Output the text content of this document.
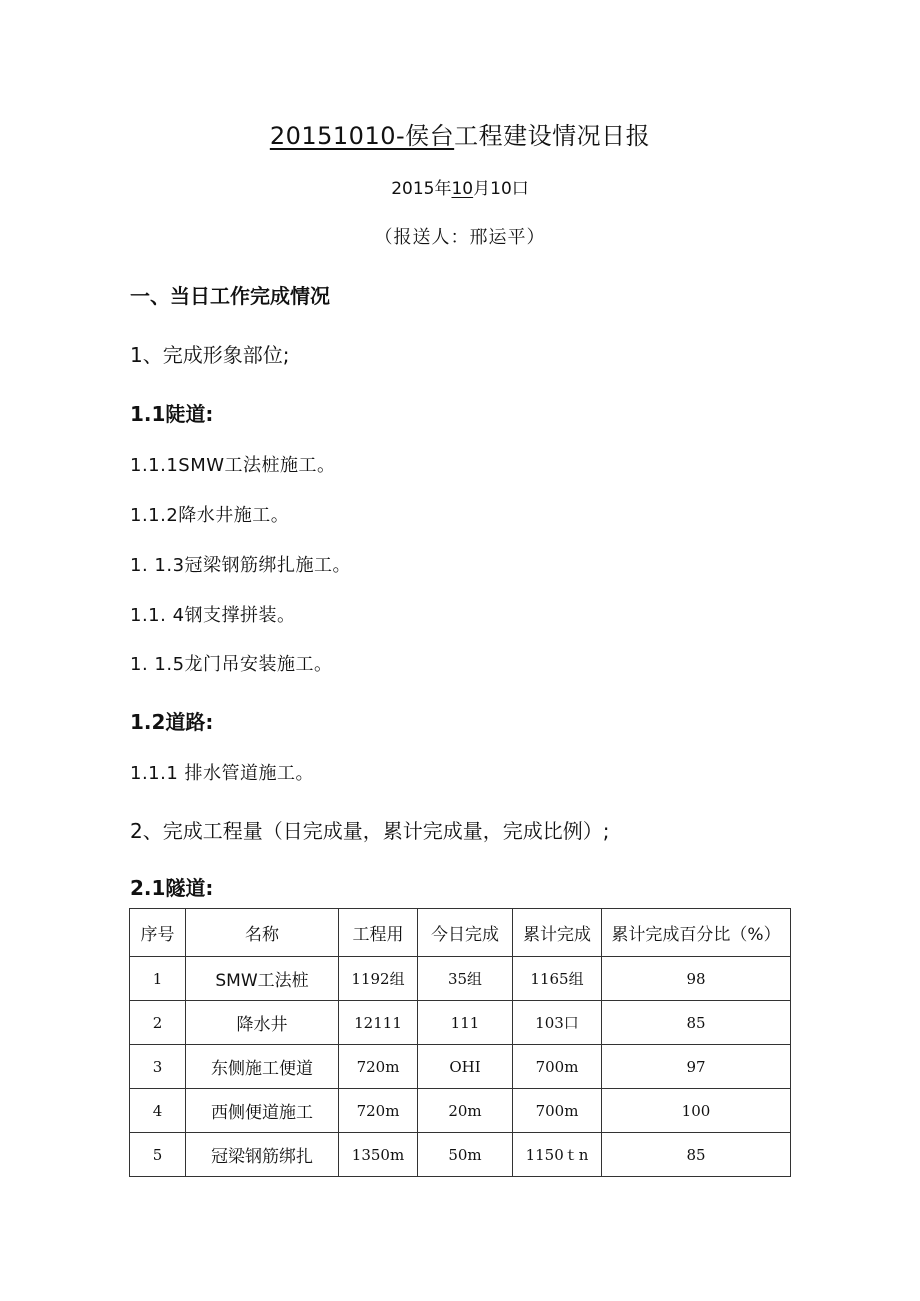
20151010-侯台工程建设情况日报
2015年10月10口
（报送人：邢运平）
一、当日工作完成情况
1、完成形象部位;
1.1陡道:
1.1.1SMW工法桩施工。
1.1.2降水井施工。
1. 1.3冠梁钢筋绑扎施工。
1.1. 4钢支撑拼装。
1. 1.5龙门吊安装施工。
1.2道路:
1.1.1 排水管道施工。
2、完成工程量（日完成量，累计完成量，完成比例）;
2.1隧道:
序号	名称	工程用	今日完成	累计完成	累计完成百分比（%）
1	SMW工法桩	1192组	35组	1165组	98
2	降水井	12111	111	103口	85
3	东侧施工便道	720m	OHI	700m	97
4	西侧便道施工	720m	20m	700m	100
5	冠梁钢筋绑扎	1350m	50m	1150ｔn	85
